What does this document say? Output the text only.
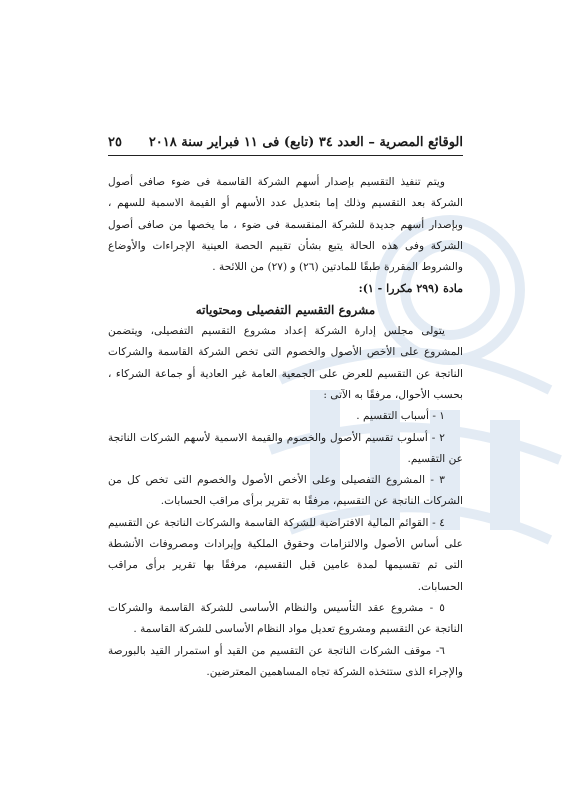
الوقائع المصرية – العدد ٣٤ (تابع) فى ١١ فبراير سنة ٢٠١٨
٢٥

ويتم تنفيذ التقسيم بإصدار أسهم الشركة القاسمة فى ضوء صافى أصول الشركة بعد التقسيم وذلك إما بتعديل عدد الأسهم أو القيمة الاسمية للسهم ، وبإصدار أسهم جديدة للشركة المنقسمة فى ضوء ، ما يخصها من صافى أصول الشركة وفى هذه الحالة يتبع بشأن تقييم الحصة العينية الإجراءات والأوضاع والشروط المقررة طبقًا للمادتين (٢٦) و (٢٧) من اللائحة .

مادة (٢٩٩ مكررا - ١):

مشروع التقسيم التفصيلى ومحتوياته

يتولى مجلس إدارة الشركة إعداد مشروع التقسيم التفصيلى، ويتضمن المشروع على الأخص الأصول والخصوم التى تخص الشركة القاسمة والشركات الناتجة عن التقسيم للعرض على الجمعية العامة غير العادية أو جماعة الشركاء ، بحسب الأحوال، مرفقًا به الآتى :

١ - أسباب التقسيم .

٢ - أسلوب تقسيم الأصول والخصوم والقيمة الاسمية لأسهم الشركات الناتجة عن التقسيم.

٣ - المشروع التفصيلى وعلى الأخص الأصول والخصوم التى تخص كل من الشركات الناتجة عن التقسيم، مرفقًا به تقرير برأى مراقب الحسابات.

٤ - القوائم المالية الافتراضية للشركة القاسمة والشركات الناتجة عن التقسيم على أساس الأصول والالتزامات وحقوق الملكية وإيرادات ومصروفات الأنشطة التى تم تقسيمها لمدة عامين قبل التقسيم، مرفقًا بها تقرير برأى مراقب الحسابات.

٥ - مشروع عقد التأسيس والنظام الأساسى للشركة القاسمة والشركات الناتجة عن التقسيم ومشروع تعديل مواد النظام الأساسى للشركة القاسمة .

٦- موقف الشركات الناتجة عن التقسيم من القيد أو استمرار القيد بالبورصة والإجراء الذى ستتخذه الشركة تجاه المساهمين المعترضين.
